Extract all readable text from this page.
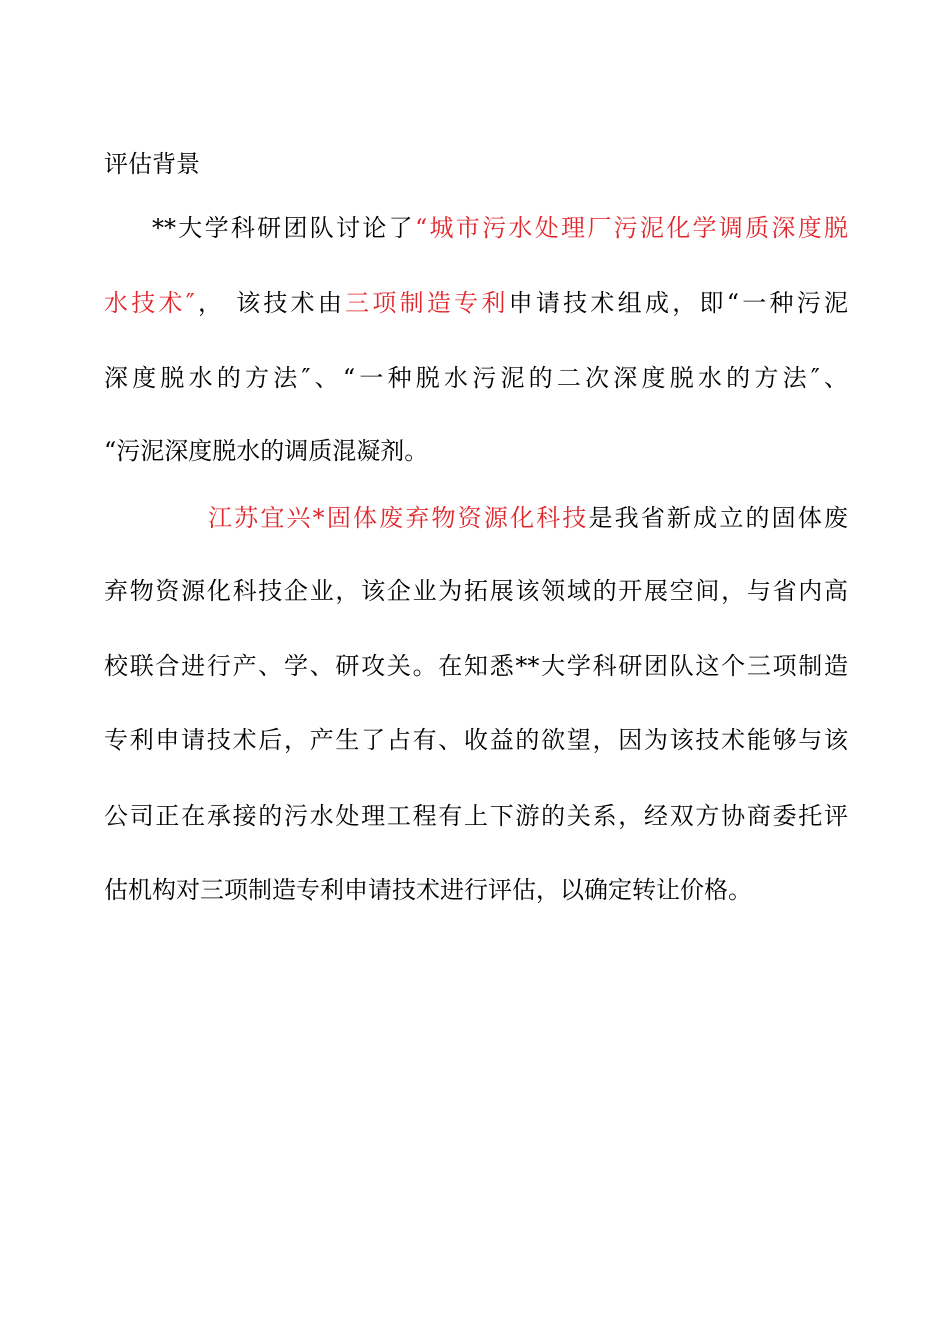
评估背景
**大学科研团队讨论了“城市污水处理厂污泥化学调质深度脱
水技术″， 该技术由三项制造专利申请技术组成，即“一种污泥
深度脱水的方法″、“一种脱水污泥的二次深度脱水的方法″、
“污泥深度脱水的调质混凝剂。
江苏宜兴*固体废弃物资源化科技是我省新成立的固体废
弃物资源化科技企业，该企业为拓展该领域的开展空间，与省内高
校联合进行产、学、研攻关。在知悉**大学科研团队这个三项制造
专利申请技术后，产生了占有、收益的欲望，因为该技术能够与该
公司正在承接的污水处理工程有上下游的关系，经双方协商委托评
估机构对三项制造专利申请技术进行评估，以确定转让价格。
